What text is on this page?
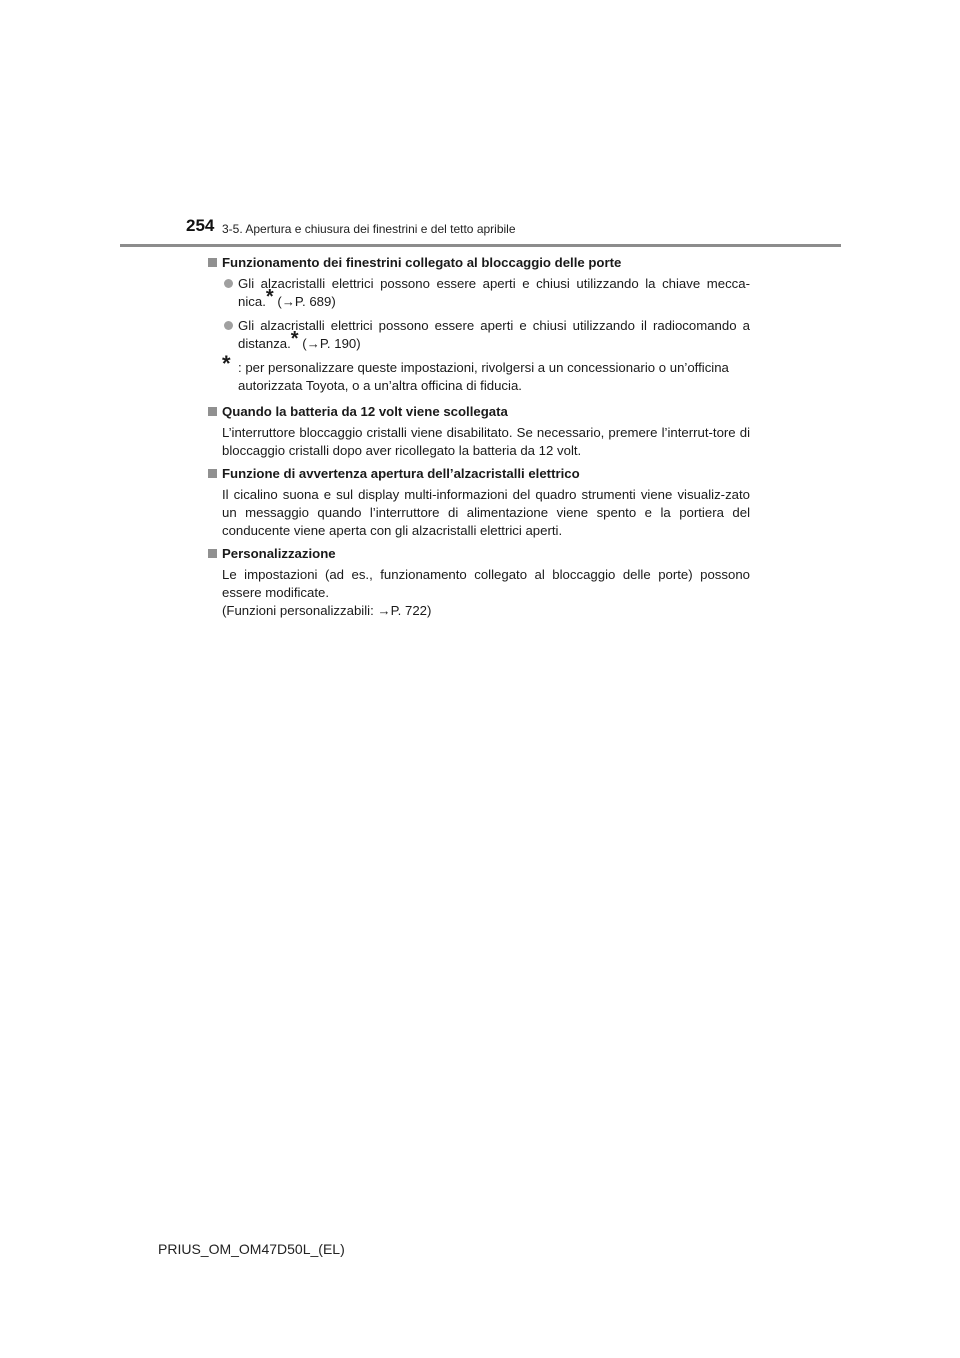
254 3-5. Apertura e chiusura dei finestrini e del tetto apribile
Funzionamento dei finestrini collegato al bloccaggio delle porte
Gli alzacristalli elettrici possono essere aperti e chiusi utilizzando la chiave mecca-nica.* (→P. 689)
Gli alzacristalli elettrici possono essere aperti e chiusi utilizzando il radiocomando a distanza.* (→P. 190)
* : per personalizzare queste impostazioni, rivolgersi a un concessionario o un’officina autorizzata Toyota, o a un’altra officina di fiducia.
Quando la batteria da 12 volt viene scollegata
L’interruttore bloccaggio cristalli viene disabilitato. Se necessario, premere l’interrut-tore di bloccaggio cristalli dopo aver ricollegato la batteria da 12 volt.
Funzione di avvertenza apertura dell’alzacristalli elettrico
Il cicalino suona e sul display multi-informazioni del quadro strumenti viene visualiz-zato un messaggio quando l’interruttore di alimentazione viene spento e la portiera del conducente viene aperta con gli alzacristalli elettrici aperti.
Personalizzazione
Le impostazioni (ad es., funzionamento collegato al bloccaggio delle porte) possono essere modificate.
(Funzioni personalizzabili: →P. 722)
PRIUS_OM_OM47D50L_(EL)
